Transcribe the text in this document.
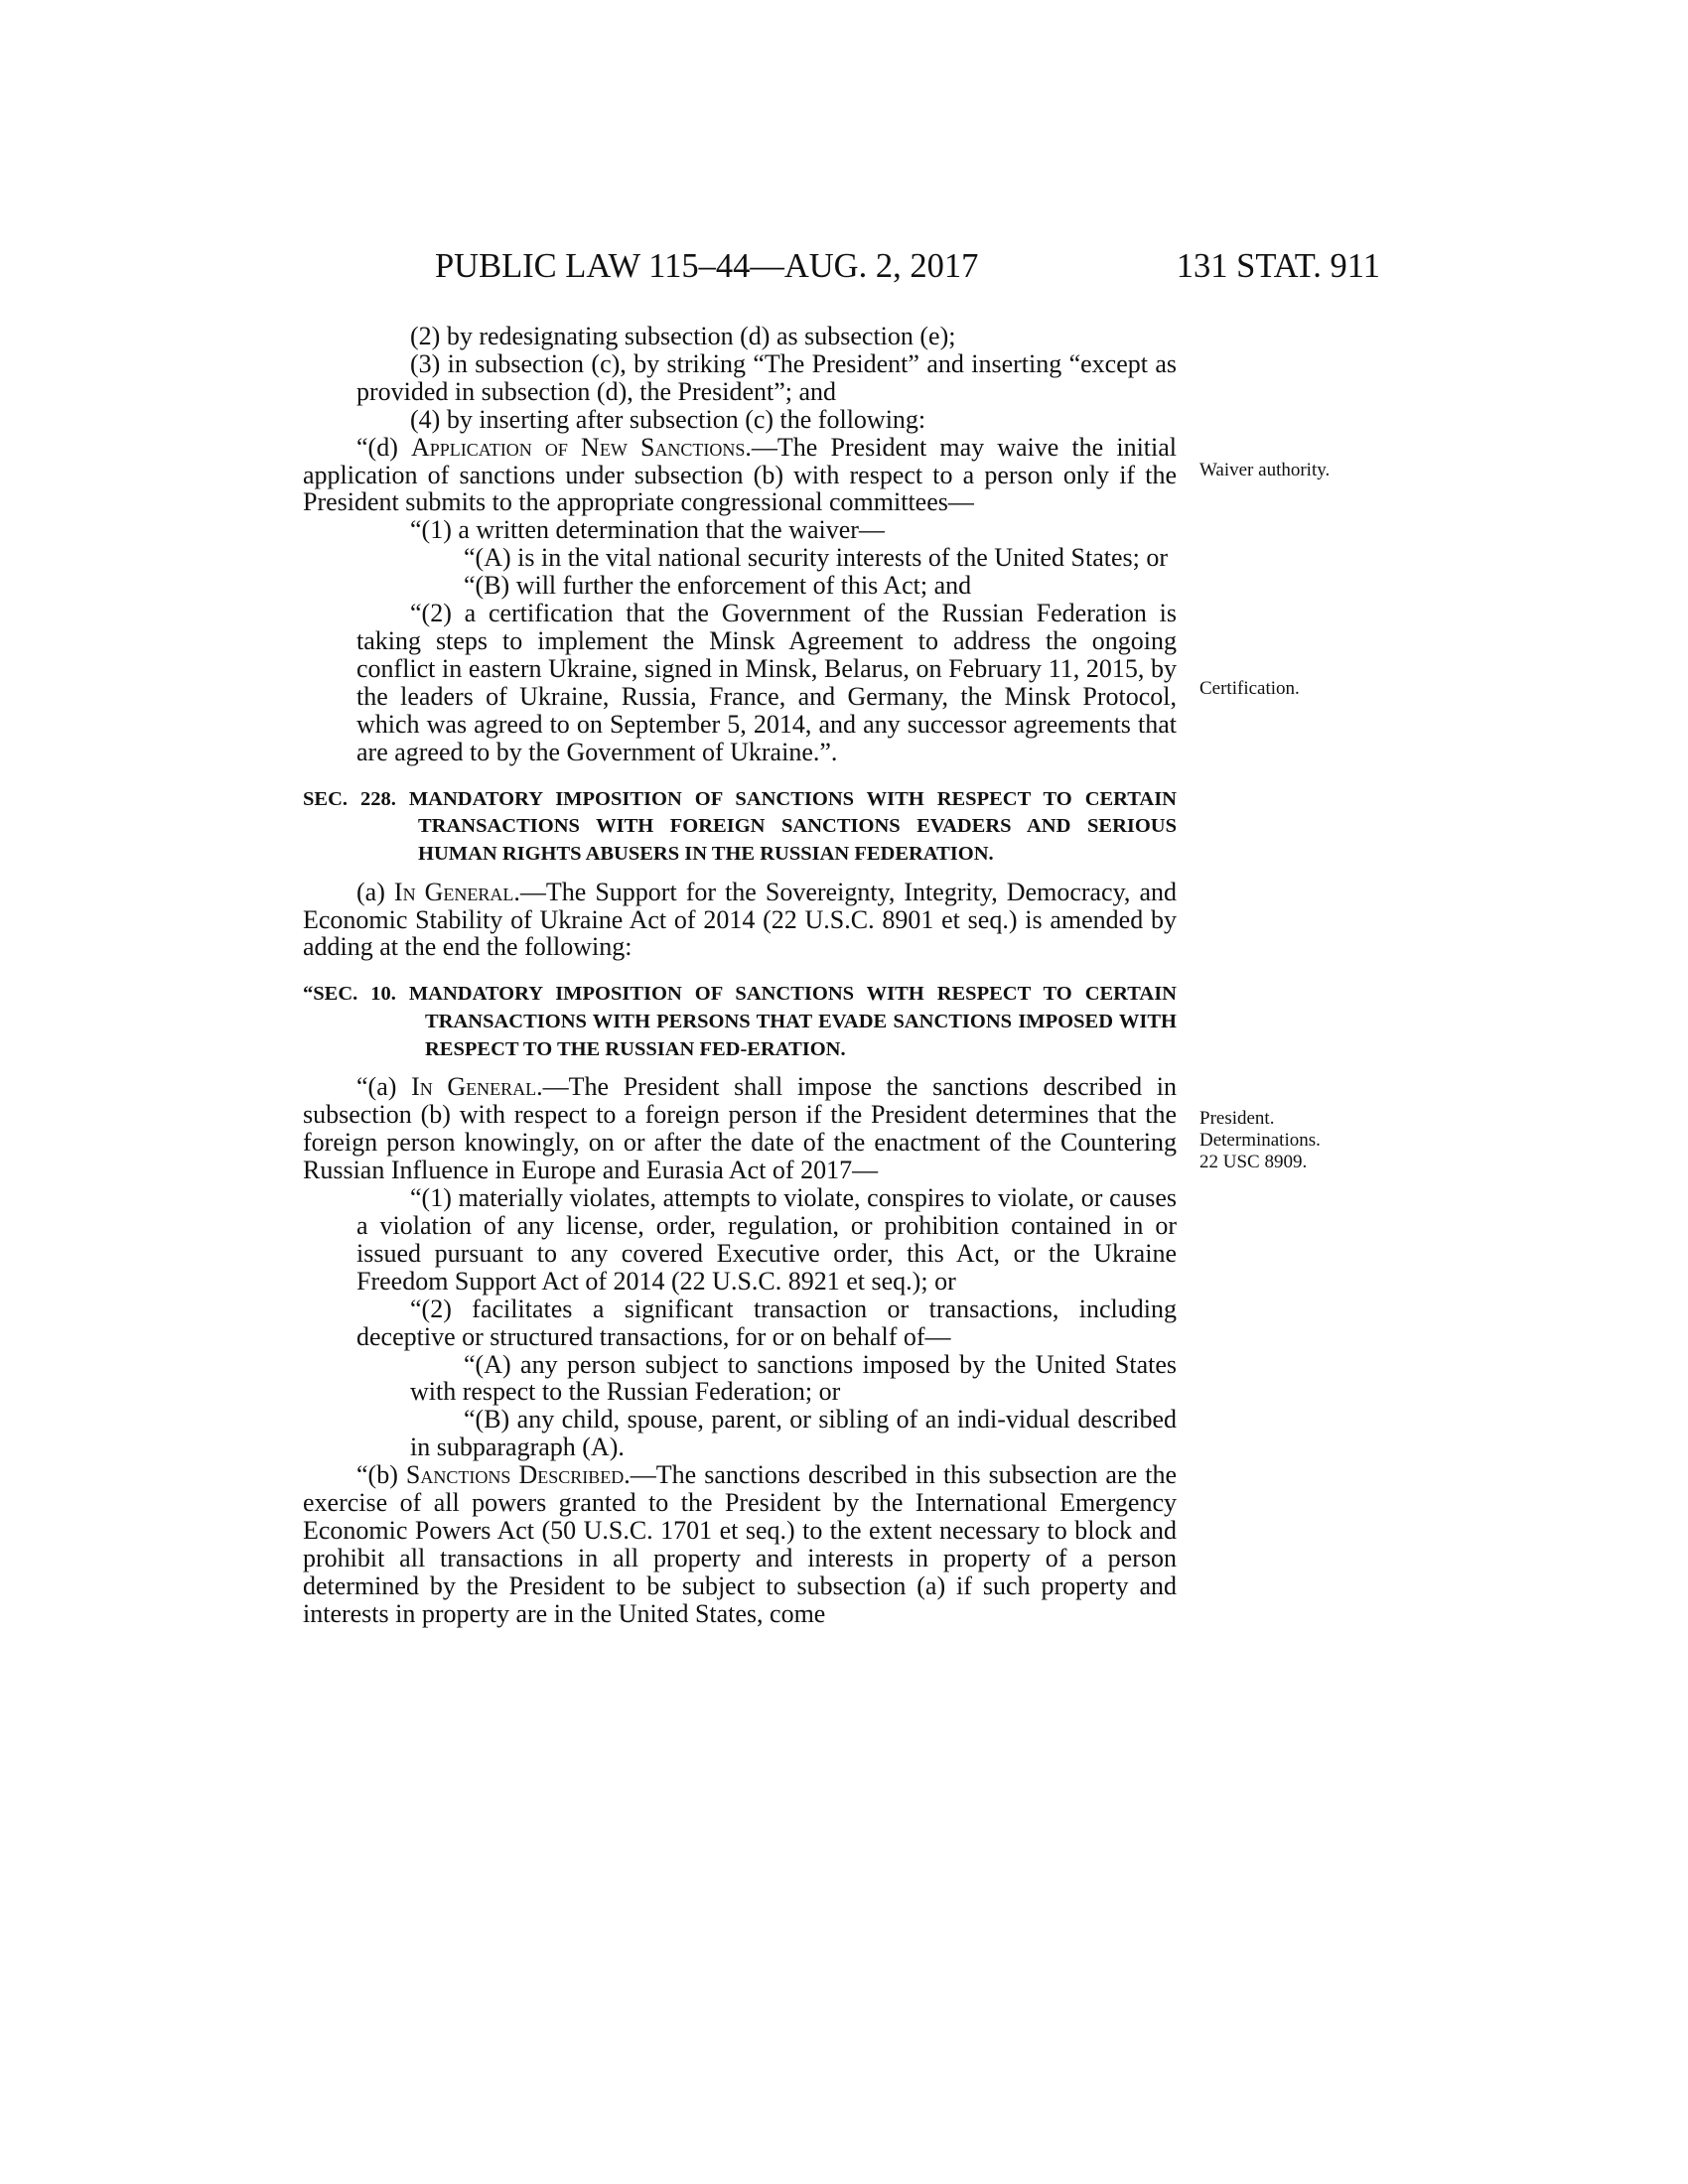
PUBLIC LAW 115–44—AUG. 2, 2017	131 STAT. 911

(2) by redesignating subsection (d) as subsection (e);

(3) in subsection (c), by striking “The President” and inserting “except as provided in subsection (d), the President”; and

(4) by inserting after subsection (c) the following:

“(d) Application of New Sanctions.—The President may waive the initial application of sanctions under subsection (b) with respect to a person only if the President submits to the appropriate congressional committees—

“(1) a written determination that the waiver—

“(A) is in the vital national security interests of the United States; or

“(B) will further the enforcement of this Act; and

“(2) a certification that the Government of the Russian Federation is taking steps to implement the Minsk Agreement to address the ongoing conflict in eastern Ukraine, signed in Minsk, Belarus, on February 11, 2015, by the leaders of Ukraine, Russia, France, and Germany, the Minsk Protocol, which was agreed to on September 5, 2014, and any successor agreements that are agreed to by the Government of Ukraine.”.

SEC. 228. MANDATORY IMPOSITION OF SANCTIONS WITH RESPECT TO CERTAIN TRANSACTIONS WITH FOREIGN SANCTIONS EVADERS AND SERIOUS HUMAN RIGHTS ABUSERS IN THE RUSSIAN FEDERATION.

(a) In General.—The Support for the Sovereignty, Integrity, Democracy, and Economic Stability of Ukraine Act of 2014 (22 U.S.C. 8901 et seq.) is amended by adding at the end the following:

“SEC. 10. MANDATORY IMPOSITION OF SANCTIONS WITH RESPECT TO CERTAIN TRANSACTIONS WITH PERSONS THAT EVADE SANCTIONS IMPOSED WITH RESPECT TO THE RUSSIAN FED-ERATION.

“(a) In General.—The President shall impose the sanctions described in subsection (b) with respect to a foreign person if the President determines that the foreign person knowingly, on or after the date of the enactment of the Countering Russian Influence in Europe and Eurasia Act of 2017—

“(1) materially violates, attempts to violate, conspires to violate, or causes a violation of any license, order, regulation, or prohibition contained in or issued pursuant to any covered Executive order, this Act, or the Ukraine Freedom Support Act of 2014 (22 U.S.C. 8921 et seq.); or

“(2) facilitates a significant transaction or transactions, including deceptive or structured transactions, for or on behalf of—

“(A) any person subject to sanctions imposed by the United States with respect to the Russian Federation; or

“(B) any child, spouse, parent, or sibling of an indi-vidual described in subparagraph (A).

“(b) Sanctions Described.—The sanctions described in this subsection are the exercise of all powers granted to the President by the International Emergency Economic Powers Act (50 U.S.C. 1701 et seq.) to the extent necessary to block and prohibit all transactions in all property and interests in property of a person determined by the President to be subject to subsection (a) if such property and interests in property are in the United States, come

Waiver authority.
Certification.
President.
Determinations.
22 USC 8909.
